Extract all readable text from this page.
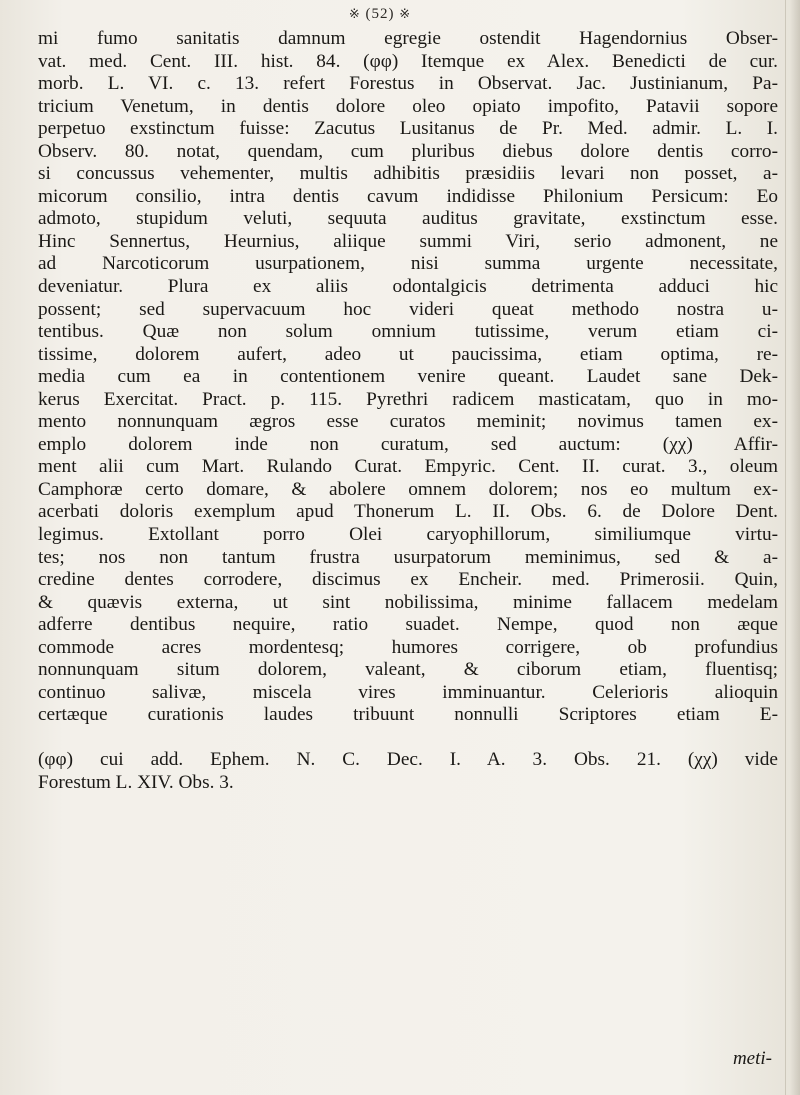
※ (52) ※
mi fumo sanitatis damnum egregie ostendit Hagendornius Obser-
vat. med. Cent. III. hist. 84. (φφ) Itemque ex Alex. Benedicti de cur.
morb. L. VI. c. 13. refert Forestus in Observat. Jac. Justinianum, Pa-
tricium Venetum, in dentis dolore oleo opiato impofito, Patavii sopore
perpetuo exstinctum fuisse: Zacutus Lusitanus de Pr. Med. admir. L. I.
Observ. 80. notat, quendam, cum pluribus diebus dolore dentis corro-
si concussus vehementer, multis adhibitis præsidiis levari non posset, a-
micorum consilio, intra dentis cavum indidisse Philonium Persicum: Eo
admoto, stupidum veluti, sequuta auditus gravitate, exstinctum esse.
Hinc Sennertus, Heurnius, aliique summi Viri, serio admonent, ne
ad Narcoticorum usurpationem, nisi summa urgente necessitate,
deveniatur. Plura ex aliis odontalgicis detrimenta adduci hic
possent; sed supervacuum hoc videri queat methodo nostra u-
tentibus. Quæ non solum omnium tutissime, verum etiam ci-
tissime, dolorem aufert, adeo ut paucissima, etiam optima, re-
media cum ea in contentionem venire queant. Laudet sane Dek-
kerus Exercitat. Pract. p. 115. Pyrethri radicem masticatam, quo in mo-
mento nonnunquam ægros esse curatos meminit; novimus tamen ex-
emplo dolorem inde non curatum, sed auctum: (χχ) Affir-
ment alii cum Mart. Rulando Curat. Empyric. Cent. II. curat. 3., oleum
Camphoræ certo domare, & abolere omnem dolorem; nos eo multum ex-
acerbati doloris exemplum apud Thonerum L. II. Obs. 6. de Dolore Dent.
legimus. Extollant porro Olei caryophillorum, similiumque virtu-
tes; nos non tantum frustra usurpatorum meminimus, sed & a-
credine dentes corrodere, discimus ex Encheir. med. Primerosii. Quin,
& quævis externa, ut sint nobilissima, minime fallacem medelam
adferre dentibus nequire, ratio suadet. Nempe, quod non æque
commode acres mordentesq; humores corrigere, ob profundius
nonnunquam situm dolorem, valeant, & ciborum etiam, fluentisq;
continuo salivæ, miscela vires imminuantur. Celerioris alioquin
certæque curationis laudes tribuunt nonnulli Scriptores etiam E-
(φφ) cui add. Ephem. N. C. Dec. I. A. 3. Obs. 21. (χχ) vide
Forestum L. XIV. Obs. 3.
meti-
